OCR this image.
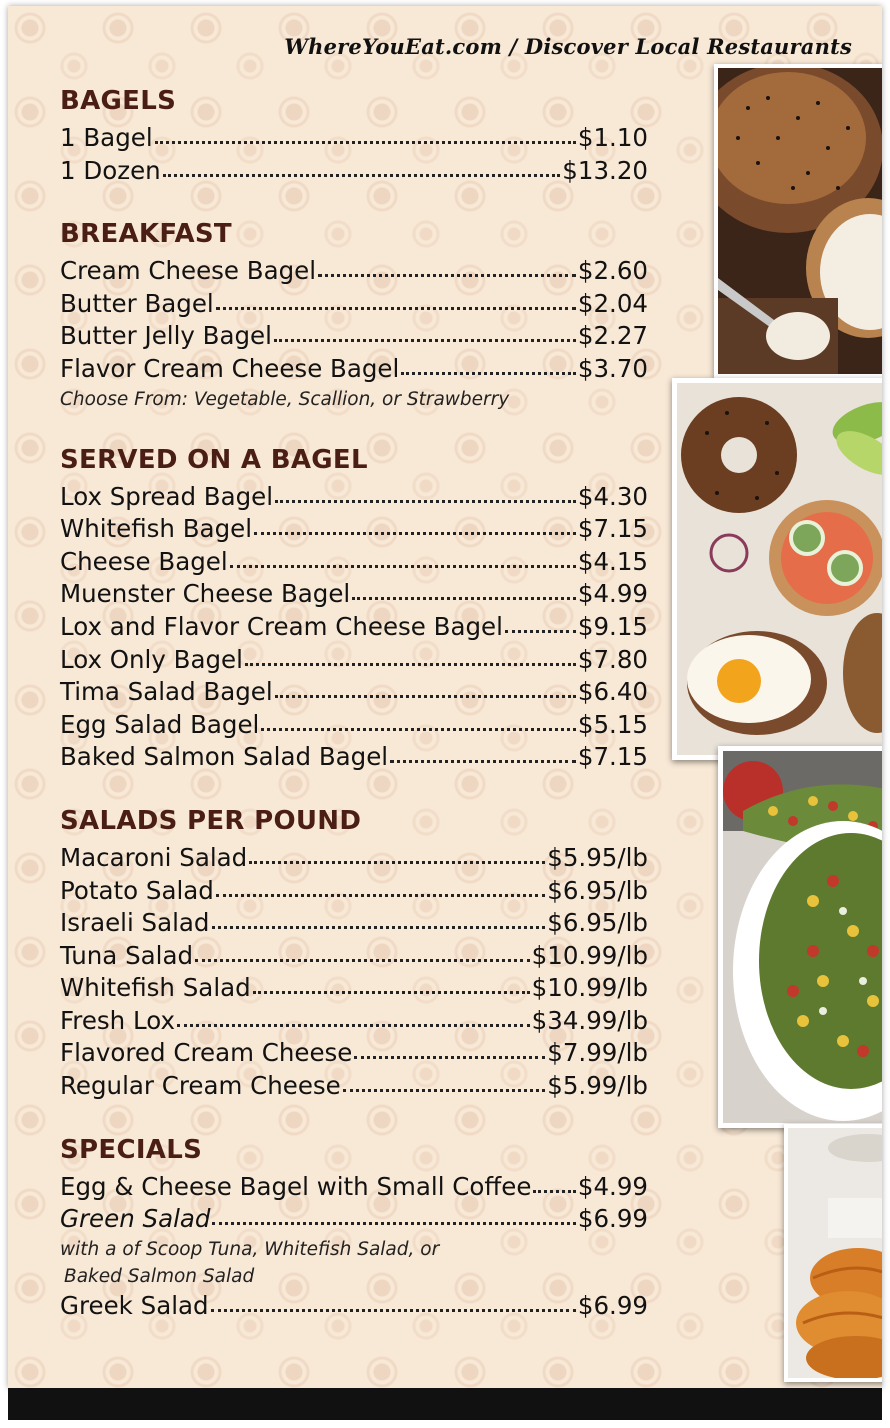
WhereYouEat.com / Discover Local Restaurants
BAGELS
1 Bagel	$1.10
1 Dozen	$13.20
BREAKFAST
Cream Cheese Bagel	$2.60
Butter Bagel	$2.04
Butter Jelly Bagel	$2.27
Flavor Cream Cheese Bagel	$3.70
Choose From: Vegetable, Scallion, or Strawberry
SERVED ON A BAGEL
Lox Spread Bagel	$4.30
Whitefish Bagel	$7.15
Cheese Bagel	$4.15
Muenster Cheese Bagel	$4.99
Lox and Flavor Cream Cheese Bagel	$9.15
Lox Only Bagel	$7.80
Tima Salad Bagel	$6.40
Egg Salad Bagel	$5.15
Baked Salmon Salad Bagel	$7.15
SALADS PER POUND
Macaroni Salad	$5.95/lb
Potato Salad	$6.95/lb
Israeli Salad	$6.95/lb
Tuna Salad	$10.99/lb
Whitefish Salad	$10.99/lb
Fresh Lox	$34.99/lb
Flavored Cream Cheese	$7.99/lb
Regular Cream Cheese	$5.99/lb
SPECIALS
Egg & Cheese Bagel with Small Coffee $4.99
Green Salad	$6.99
with a of Scoop Tuna, Whitefish Salad, or
Baked Salmon Salad
Greek Salad	$6.99
